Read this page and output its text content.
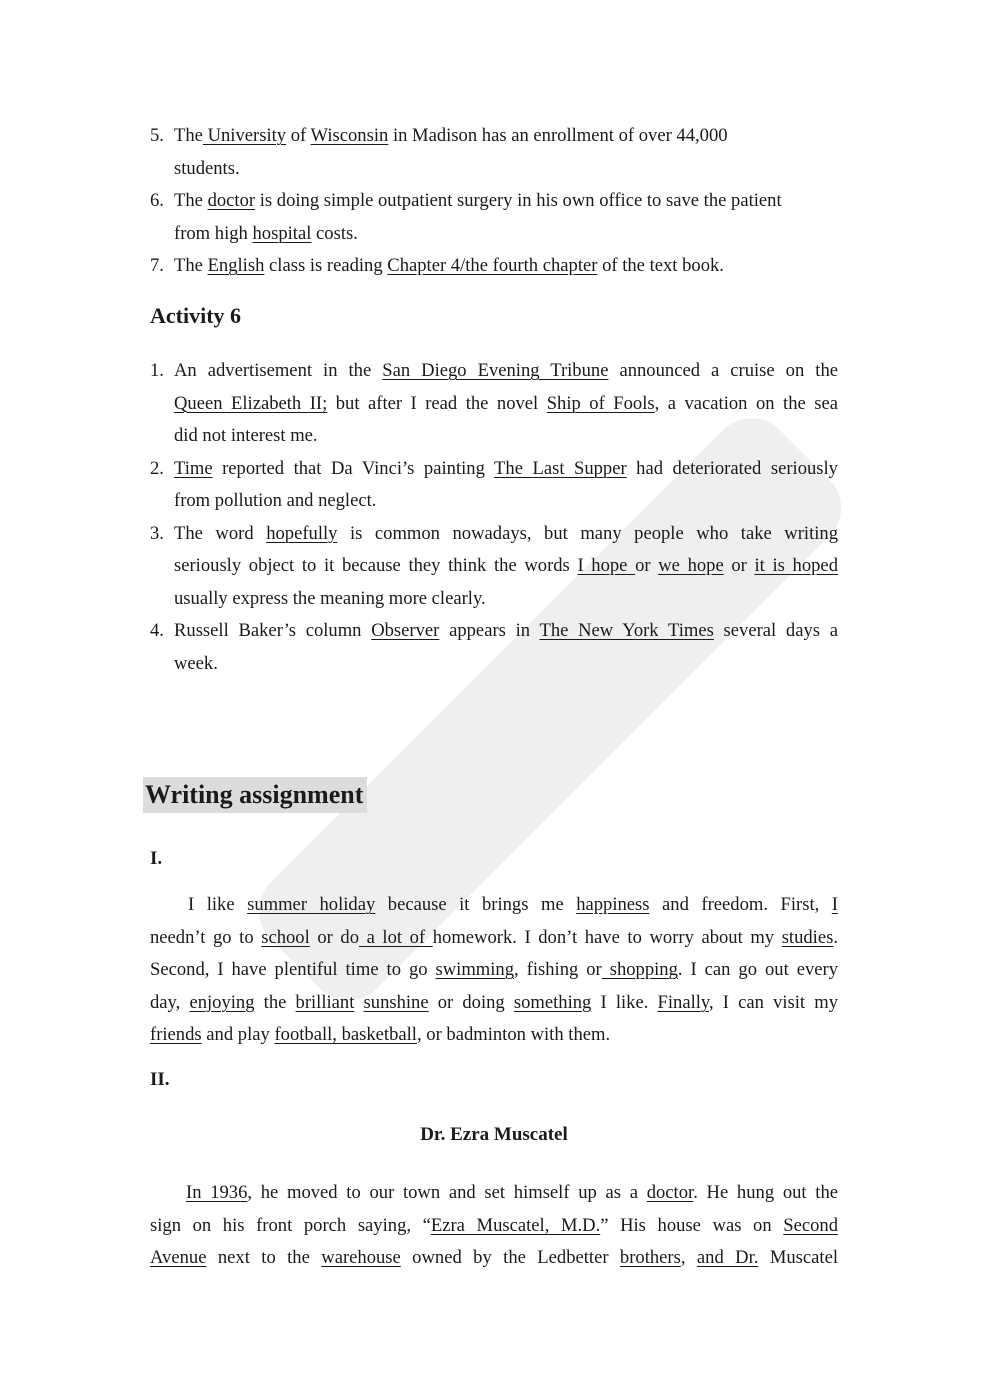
5. The University of Wisconsin in Madison has an enrollment of over 44,000
students.
6. The doctor is doing simple outpatient surgery in his own office to save the patient
from high hospital costs.
7. The English class is reading Chapter 4/the fourth chapter of the text book.
Activity 6
1. An advertisement in the San Diego Evening Tribune announced a cruise on the
Queen Elizabeth II; but after I read the novel Ship of Fools, a vacation on the sea
did not interest me.
2. Time reported that Da Vinci’s painting The Last Supper had deteriorated seriously
from pollution and neglect.
3. The word hopefully is common nowadays, but many people who take writing
seriously object to it because they think the words I hope or we hope or it is hoped
usually express the meaning more clearly.
4. Russell Baker’s column Observer appears in The New York Times several days a
week.
Writing assignment
I.
I like summer holiday because it brings me happiness and freedom. First, I
needn’t go to school or do a lot of homework. I don’t have to worry about my studies.
Second, I have plentiful time to go swimming, fishing or shopping. I can go out every
day, enjoying the brilliant sunshine or doing something I like. Finally, I can visit my
friends and play football, basketball, or badminton with them.
II.
Dr. Ezra Muscatel
In 1936, he moved to our town and set himself up as a doctor. He hung out the
sign on his front porch saying, “Ezra Muscatel, M.D.” His house was on Second
Avenue next to the warehouse owned by the Ledbetter brothers, and Dr. Muscatel
